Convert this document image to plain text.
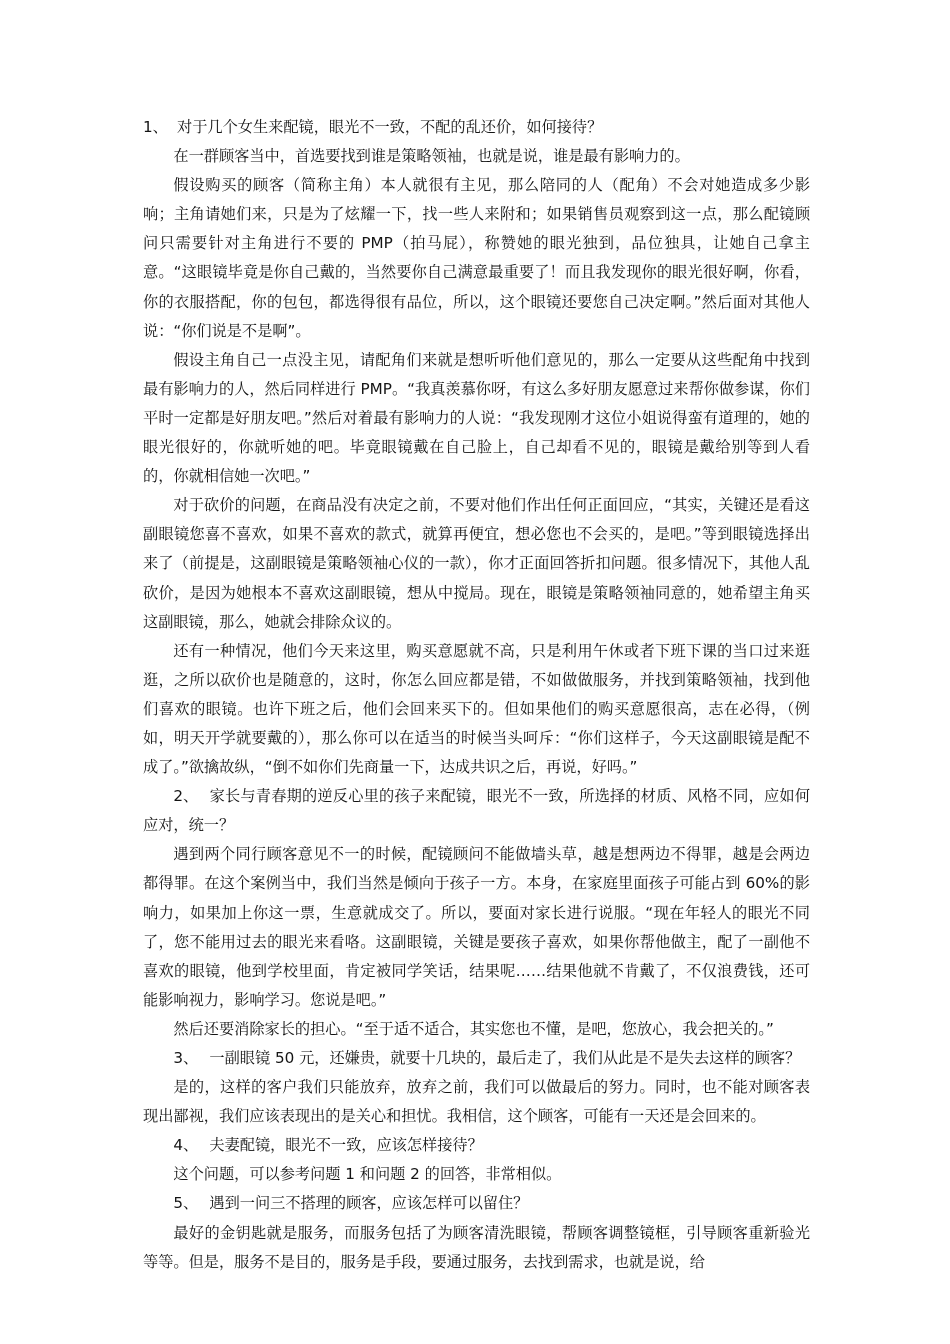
1、 对于几个女生来配镜，眼光不一致，不配的乱还价，如何接待？

在一群顾客当中，首选要找到谁是策略领袖，也就是说，谁是最有影响力的。

假设购买的顾客（简称主角）本人就很有主见，那么陪同的人（配角）不会对她造成多少影响；主角请她们来，只是为了炫耀一下，找一些人来附和；如果销售员观察到这一点，那么配镜顾问只需要针对主角进行不要的 PMP（拍马屁），称赞她的眼光独到，品位独具，让她自己拿主意。“这眼镜毕竟是你自己戴的，当然要你自己满意最重要了！而且我发现你的眼光很好啊，你看，你的衣服搭配，你的包包，都选得很有品位，所以，这个眼镜还要您自己决定啊。”然后面对其他人说：“你们说是不是啊”。

假设主角自己一点没主见，请配角们来就是想听听他们意见的，那么一定要从这些配角中找到最有影响力的人，然后同样进行 PMP。“我真羡慕你呀，有这么多好朋友愿意过来帮你做参谋，你们平时一定都是好朋友吧。”然后对着最有影响力的人说：“我发现刚才这位小姐说得蛮有道理的，她的眼光很好的，你就听她的吧。毕竟眼镜戴在自己脸上，自己却看不见的，眼镜是戴给别等到人看的，你就相信她一次吧。”

对于砍价的问题，在商品没有决定之前，不要对他们作出任何正面回应，“其实，关键还是看这副眼镜您喜不喜欢，如果不喜欢的款式，就算再便宜，想必您也不会买的，是吧。”等到眼镜选择出来了（前提是，这副眼镜是策略领袖心仪的一款），你才正面回答折扣问题。很多情况下，其他人乱砍价，是因为她根本不喜欢这副眼镜，想从中搅局。现在，眼镜是策略领袖同意的，她希望主角买这副眼镜，那么，她就会排除众议的。

还有一种情况，他们今天来这里，购买意愿就不高，只是利用午休或者下班下课的当口过来逛逛，之所以砍价也是随意的，这时，你怎么回应都是错，不如做做服务，并找到策略领袖，找到他们喜欢的眼镜。也许下班之后，他们会回来买下的。但如果他们的购买意愿很高，志在必得，（例如，明天开学就要戴的），那么你可以在适当的时候当头呵斥：“你们这样子，今天这副眼镜是配不成了。”欲擒故纵，“倒不如你们先商量一下，达成共识之后，再说，好吗。”

2、 家长与青春期的逆反心里的孩子来配镜，眼光不一致，所选择的材质、风格不同，应如何应对，统一？

遇到两个同行顾客意见不一的时候，配镜顾问不能做墙头草，越是想两边不得罪，越是会两边都得罪。在这个案例当中，我们当然是倾向于孩子一方。本身，在家庭里面孩子可能占到 60%的影响力，如果加上你这一票，生意就成交了。所以，要面对家长进行说服。“现在年轻人的眼光不同了，您不能用过去的眼光来看咯。这副眼镜，关键是要孩子喜欢，如果你帮他做主，配了一副他不喜欢的眼镜，他到学校里面，肯定被同学笑话，结果呢……结果他就不肯戴了，不仅浪费钱，还可能影响视力，影响学习。您说是吧。”

然后还要消除家长的担心。“至于适不适合，其实您也不懂，是吧，您放心，我会把关的。”

3、 一副眼镜 50 元，还嫌贵，就要十几块的，最后走了，我们从此是不是失去这样的顾客？

是的，这样的客户我们只能放弃，放弃之前，我们可以做最后的努力。同时，也不能对顾客表现出鄙视，我们应该表现出的是关心和担忧。我相信，这个顾客，可能有一天还是会回来的。

4、 夫妻配镜，眼光不一致，应该怎样接待？

这个问题，可以参考问题 1 和问题 2 的回答，非常相似。

5、 遇到一问三不搭理的顾客，应该怎样可以留住？

最好的金钥匙就是服务，而服务包括了为顾客清洗眼镜，帮顾客调整镜框，引导顾客重新验光等等。但是，服务不是目的，服务是手段，要通过服务，去找到需求，也就是说，给
